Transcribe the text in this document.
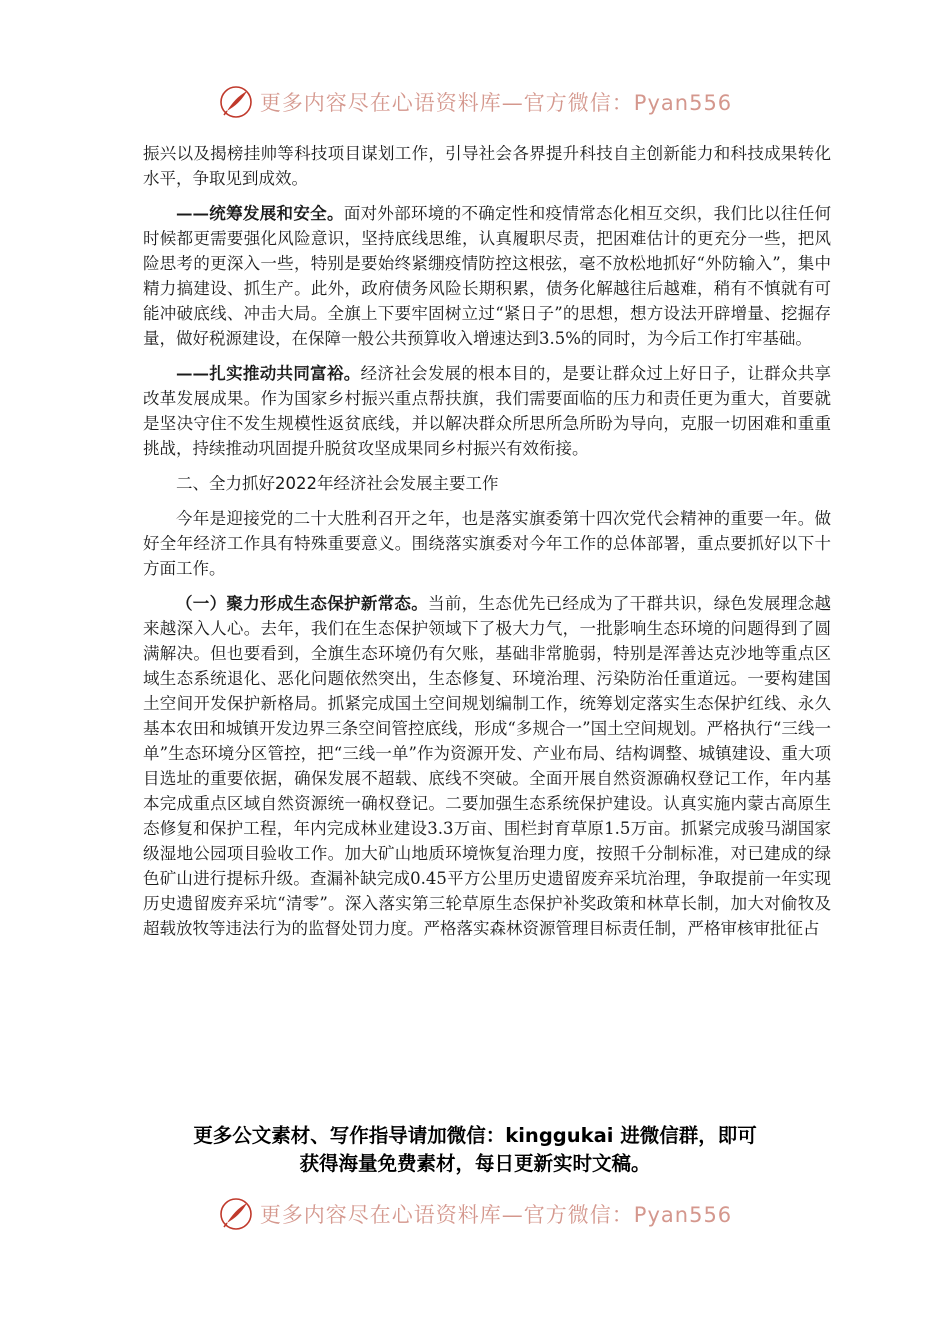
更多内容尽在心语资料库—官方微信：Pyan556

振兴以及揭榜挂帅等科技项目谋划工作，引导社会各界提升科技自主创新能力和科技成果转化水平，争取见到成效。

——统筹发展和安全。面对外部环境的不确定性和疫情常态化相互交织，我们比以往任何时候都更需要强化风险意识，坚持底线思维，认真履职尽责，把困难估计的更充分一些，把风险思考的更深入一些，特别是要始终紧绷疫情防控这根弦，毫不放松地抓好“外防输入”，集中精力搞建设、抓生产。此外，政府债务风险长期积累，债务化解越往后越难，稍有不慎就有可能冲破底线、冲击大局。全旗上下要牢固树立过“紧日子”的思想，想方设法开辟增量、挖掘存量，做好税源建设，在保障一般公共预算收入增速达到3.5%的同时，为今后工作打牢基础。

——扎实推动共同富裕。经济社会发展的根本目的，是要让群众过上好日子，让群众共享改革发展成果。作为国家乡村振兴重点帮扶旗，我们需要面临的压力和责任更为重大，首要就是坚决守住不发生规模性返贫底线，并以解决群众所思所急所盼为导向，克服一切困难和重重挑战，持续推动巩固提升脱贫攻坚成果同乡村振兴有效衔接。

二、全力抓好2022年经济社会发展主要工作

今年是迎接党的二十大胜利召开之年，也是落实旗委第十四次党代会精神的重要一年。做好全年经济工作具有特殊重要意义。围绕落实旗委对今年工作的总体部署，重点要抓好以下十方面工作。

（一）聚力形成生态保护新常态。当前，生态优先已经成为了干群共识，绿色发展理念越来越深入人心。去年，我们在生态保护领域下了极大力气，一批影响生态环境的问题得到了圆满解决。但也要看到，全旗生态环境仍有欠账，基础非常脆弱，特别是浑善达克沙地等重点区域生态系统退化、恶化问题依然突出，生态修复、环境治理、污染防治任重道远。一要构建国土空间开发保护新格局。抓紧完成国土空间规划编制工作，统筹划定落实生态保护红线、永久基本农田和城镇开发边界三条空间管控底线，形成“多规合一”国土空间规划。严格执行“三线一单”生态环境分区管控，把“三线一单”作为资源开发、产业布局、结构调整、城镇建设、重大项目选址的重要依据，确保发展不超载、底线不突破。全面开展自然资源确权登记工作，年内基本完成重点区域自然资源统一确权登记。二要加强生态系统保护建设。认真实施内蒙古高原生态修复和保护工程，年内完成林业建设3.3万亩、围栏封育草原1.5万亩。抓紧完成骏马湖国家级湿地公园项目验收工作。加大矿山地质环境恢复治理力度，按照千分制标准，对已建成的绿色矿山进行提标升级。查漏补缺完成0.45平方公里历史遗留废弃采坑治理，争取提前一年实现历史遗留废弃采坑“清零”。深入落实第三轮草原生态保护补奖政策和林草长制，加大对偷牧及超载放牧等违法行为的监督处罚力度。严格落实森林资源管理目标责任制，严格审核审批征占

更多公文素材、写作指导请加微信：kinggukai 进微信群，即可
获得海量免费素材，每日更新实时文稿。
更多内容尽在心语资料库—官方微信：Pyan556
